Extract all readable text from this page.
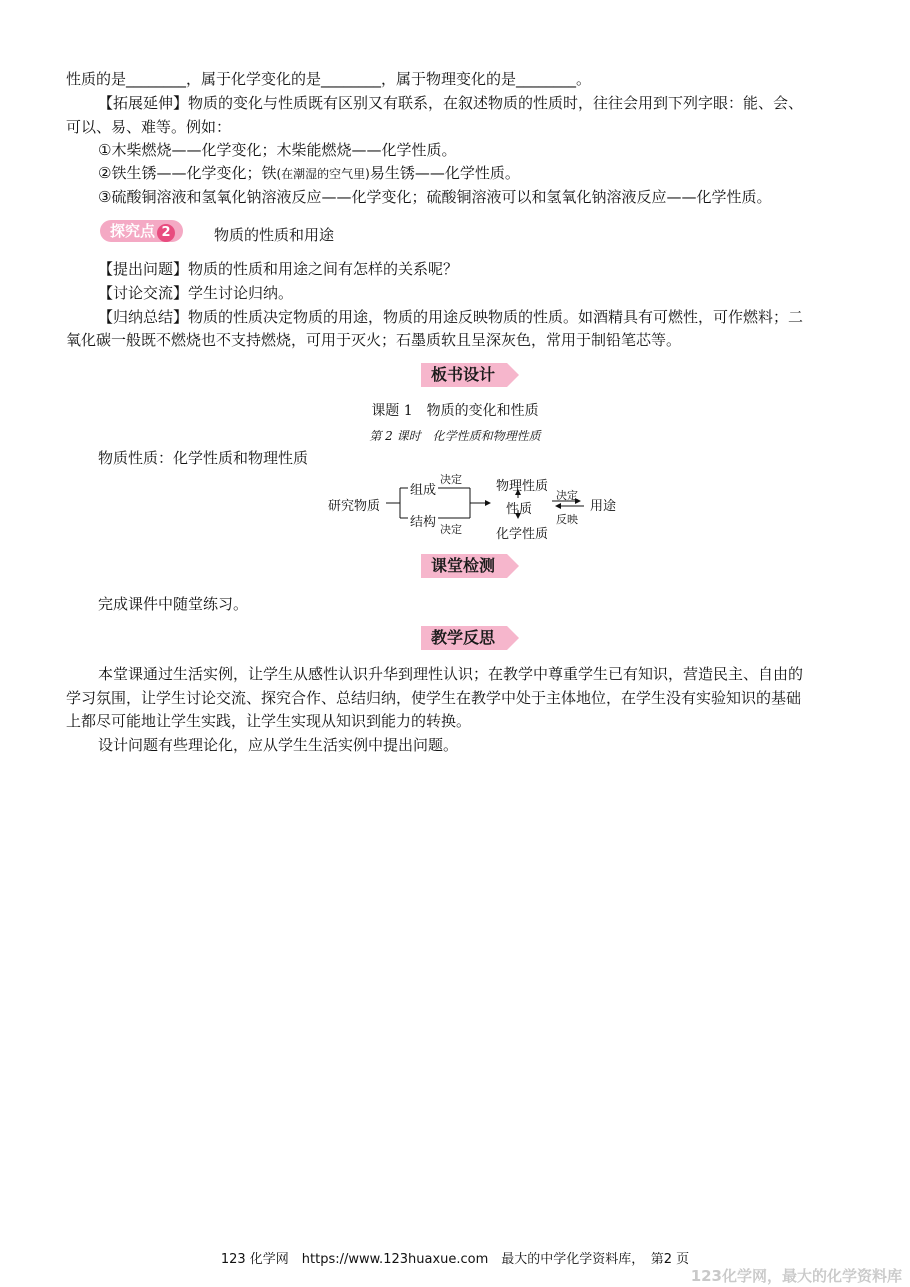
性质的是________，属于化学变化的是________，属于物理变化的是________。
【拓展延伸】物质的变化与性质既有区别又有联系，在叙述物质的性质时，往往会用到下列字眼：能、会、
可以、易、难等。例如：
①木柴燃烧——化学变化；木柴能燃烧——化学性质。
②铁生锈——化学变化；铁(在潮湿的空气里)易生锈——化学性质。
③硫酸铜溶液和氢氧化钠溶液反应——化学变化；硫酸铜溶液可以和氢氧化钠溶液反应——化学性质。
探究点 2	物质的性质和用途
【提出问题】物质的性质和用途之间有怎样的关系呢？
【讨论交流】学生讨论归纳。
【归纳总结】物质的性质决定物质的用途，物质的用途反映物质的性质。如酒精具有可燃性，可作燃料；二
氧化碳一般既不燃烧也不支持燃烧，可用于灭火；石墨质软且呈深灰色，常用于制铅笔芯等。
板书设计
课题 1　物质的变化和性质
第 2 课时　化学性质和物理性质
物质性质：化学性质和物理性质
研究物质
组成
结构
决定
决定
物理性质
性质
化学性质
决定
反映
用途
课堂检测
完成课件中随堂练习。
教学反思
本堂课通过生活实例，让学生从感性认识升华到理性认识；在教学中尊重学生已有知识，营造民主、自由的
学习氛围，让学生讨论交流、探究合作、总结归纳，使学生在教学中处于主体地位，在学生没有实验知识的基础
上都尽可能地让学生实践，让学生实现从知识到能力的转换。
设计问题有些理论化，应从学生生活实例中提出问题。
123 化学网　https://www.123huaxue.com　最大的中学化学资料库，　第2 页
123化学网，最大的化学资料库
